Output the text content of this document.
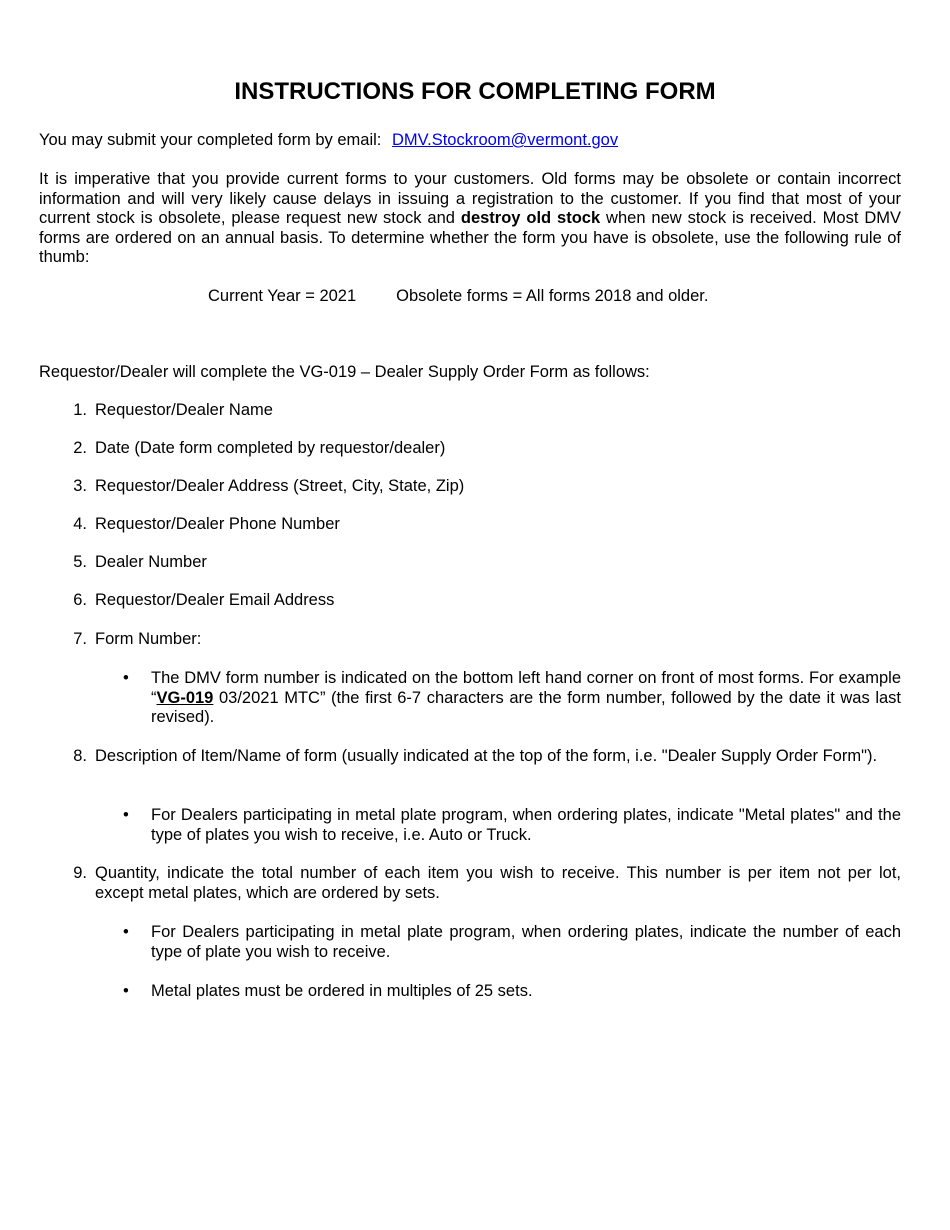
INSTRUCTIONS FOR COMPLETING FORM
You may submit your completed form by email: DMV.Stockroom@vermont.gov
It is imperative that you provide current forms to your customers. Old forms may be obsolete or contain incorrect information and will very likely cause delays in issuing a registration to the customer. If you find that most of your current stock is obsolete, please request new stock and destroy old stock when new stock is received. Most DMV forms are ordered on an annual basis. To determine whether the form you have is obsolete, use the following rule of thumb:
Current Year = 2021 Obsolete forms = All forms 2018 and older.
Requestor/Dealer will complete the VG-019 – Dealer Supply Order Form as follows:
1. Requestor/Dealer Name
2. Date (Date form completed by requestor/dealer)
3. Requestor/Dealer Address (Street, City, State, Zip)
4. Requestor/Dealer Phone Number
5. Dealer Number
6. Requestor/Dealer Email Address
7. Form Number:
• The DMV form number is indicated on the bottom left hand corner on front of most forms. For example “VG-019 03/2021 MTC” (the first 6-7 characters are the form number, followed by the date it was last revised).
8. Description of Item/Name of form (usually indicated at the top of the form, i.e. "Dealer Supply Order Form").
• For Dealers participating in metal plate program, when ordering plates, indicate "Metal plates" and the type of plates you wish to receive, i.e. Auto or Truck.
9. Quantity, indicate the total number of each item you wish to receive. This number is per item not per lot, except metal plates, which are ordered by sets.
• For Dealers participating in metal plate program, when ordering plates, indicate the number of each type of plate you wish to receive.
• Metal plates must be ordered in multiples of 25 sets.
